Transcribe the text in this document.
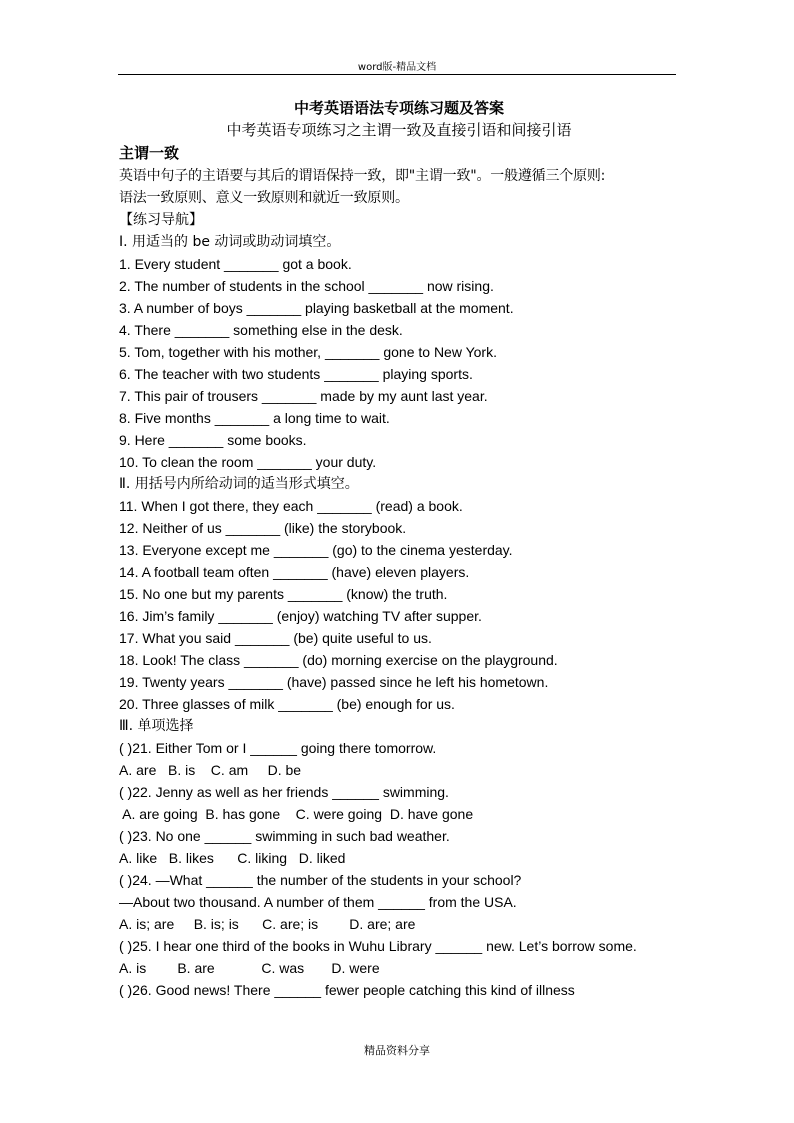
word版-精品文档
中考英语语法专项练习题及答案
中考英语专项练习之主谓一致及直接引语和间接引语
主谓一致
英语中句子的主语要与其后的谓语保持一致，即"主谓一致"。一般遵循三个原则:
语法一致原则、意义一致原则和就近一致原则。
【练习导航】
Ⅰ. 用适当的 be 动词或助动词填空。
1. Every student _______ got a book.
2. The number of students in the school _______ now rising.
3. A number of boys _______ playing basketball at the moment.
4. There _______ something else in the desk.
5. Tom, together with his mother, _______ gone to New York.
6. The teacher with two students _______ playing sports.
7. This pair of trousers _______ made by my aunt last year.
8. Five months _______ a long time to wait.
9. Here _______ some books.
10. To clean the room _______ your duty.
Ⅱ. 用括号内所给动词的适当形式填空。
11. When I got there, they each _______ (read) a book.
12. Neither of us _______ (like) the storybook.
13. Everyone except me _______ (go) to the cinema yesterday.
14. A football team often _______ (have) eleven players.
15. No one but my parents _______ (know) the truth.
16. Jim’s family _______ (enjoy) watching TV after supper.
17. What you said _______ (be) quite useful to us.
18. Look! The class _______ (do) morning exercise on the playground.
19. Twenty years _______ (have) passed since he left his hometown.
20. Three glasses of milk _______ (be) enough for us.
Ⅲ. 单项选择
( )21. Either Tom or I ______ going there tomorrow.
A. are   B. is    C. am     D. be
( )22. Jenny as well as her friends ______ swimming.
A. are going  B. has gone    C. were going  D. have gone
( )23. No one ______ swimming in such bad weather.
A. like   B. likes      C. liking   D. liked
( )24. —What ______ the number of the students in your school?
—About two thousand. A number of them ______ from the USA.
A. is; are     B. is; is      C. are; is        D. are; are
( )25. I hear one third of the books in Wuhu Library ______ new. Let’s borrow some.
A. is        B. are            C. was       D. were
( )26. Good news! There ______ fewer people catching this kind of illness
精品资料分享
